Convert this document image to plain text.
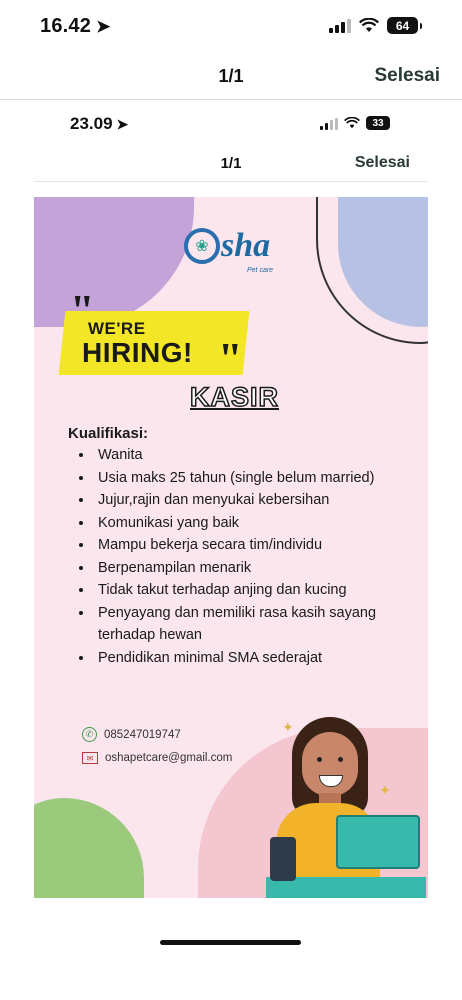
16.42 ➤	64
1/1	Selesai
23.09 ➤	33
1/1	Selesai
❀ sha
Pet care
"
WE'RE
HIRING! "
KASIR
Kualifikasi:
• Wanita
• Usia maks 25 tahun (single belum married)
• Jujur,rajin dan menyukai kebersihan
• Komunikasi yang baik
• Mampu bekerja secara tim/individu
• Berpenampilan menarik
• Tidak takut terhadap anjing dan kucing
• Penyayang dan memiliki rasa kasih sayang terhadap hewan
• Pendidikan minimal SMA sederajat
✆ 085247019747
✉	oshapetcare@gmail.com
✦
✦
